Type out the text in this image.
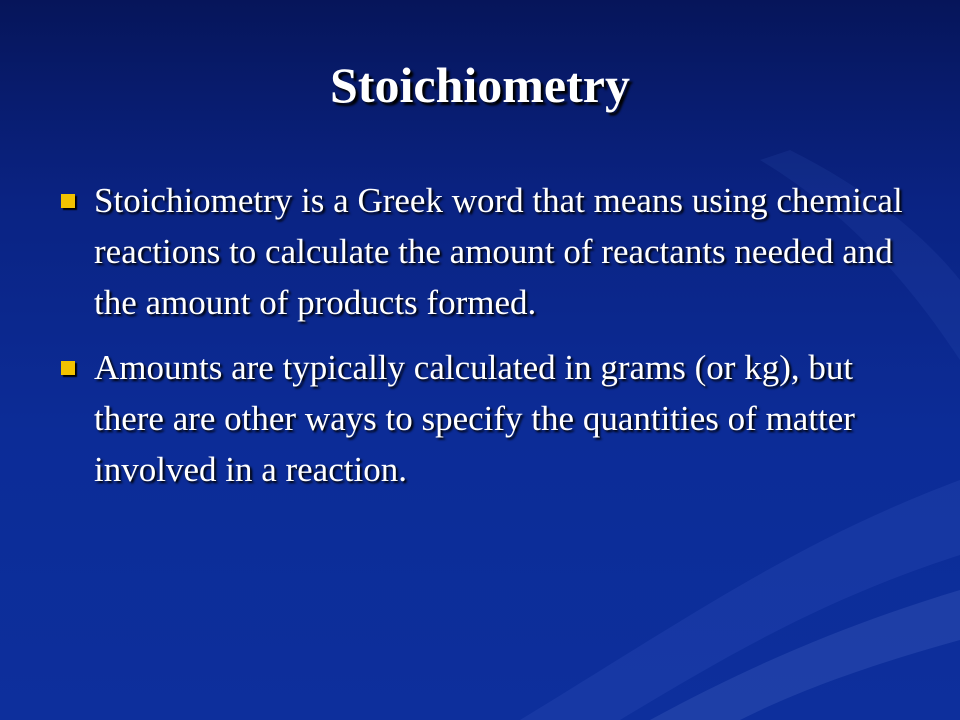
Stoichiometry
Stoichiometry is a Greek word that means using chemical reactions to calculate the amount of reactants needed and the amount of products formed.
Amounts are typically calculated in grams (or kg), but there are other ways to specify the quantities of matter involved in a reaction.
